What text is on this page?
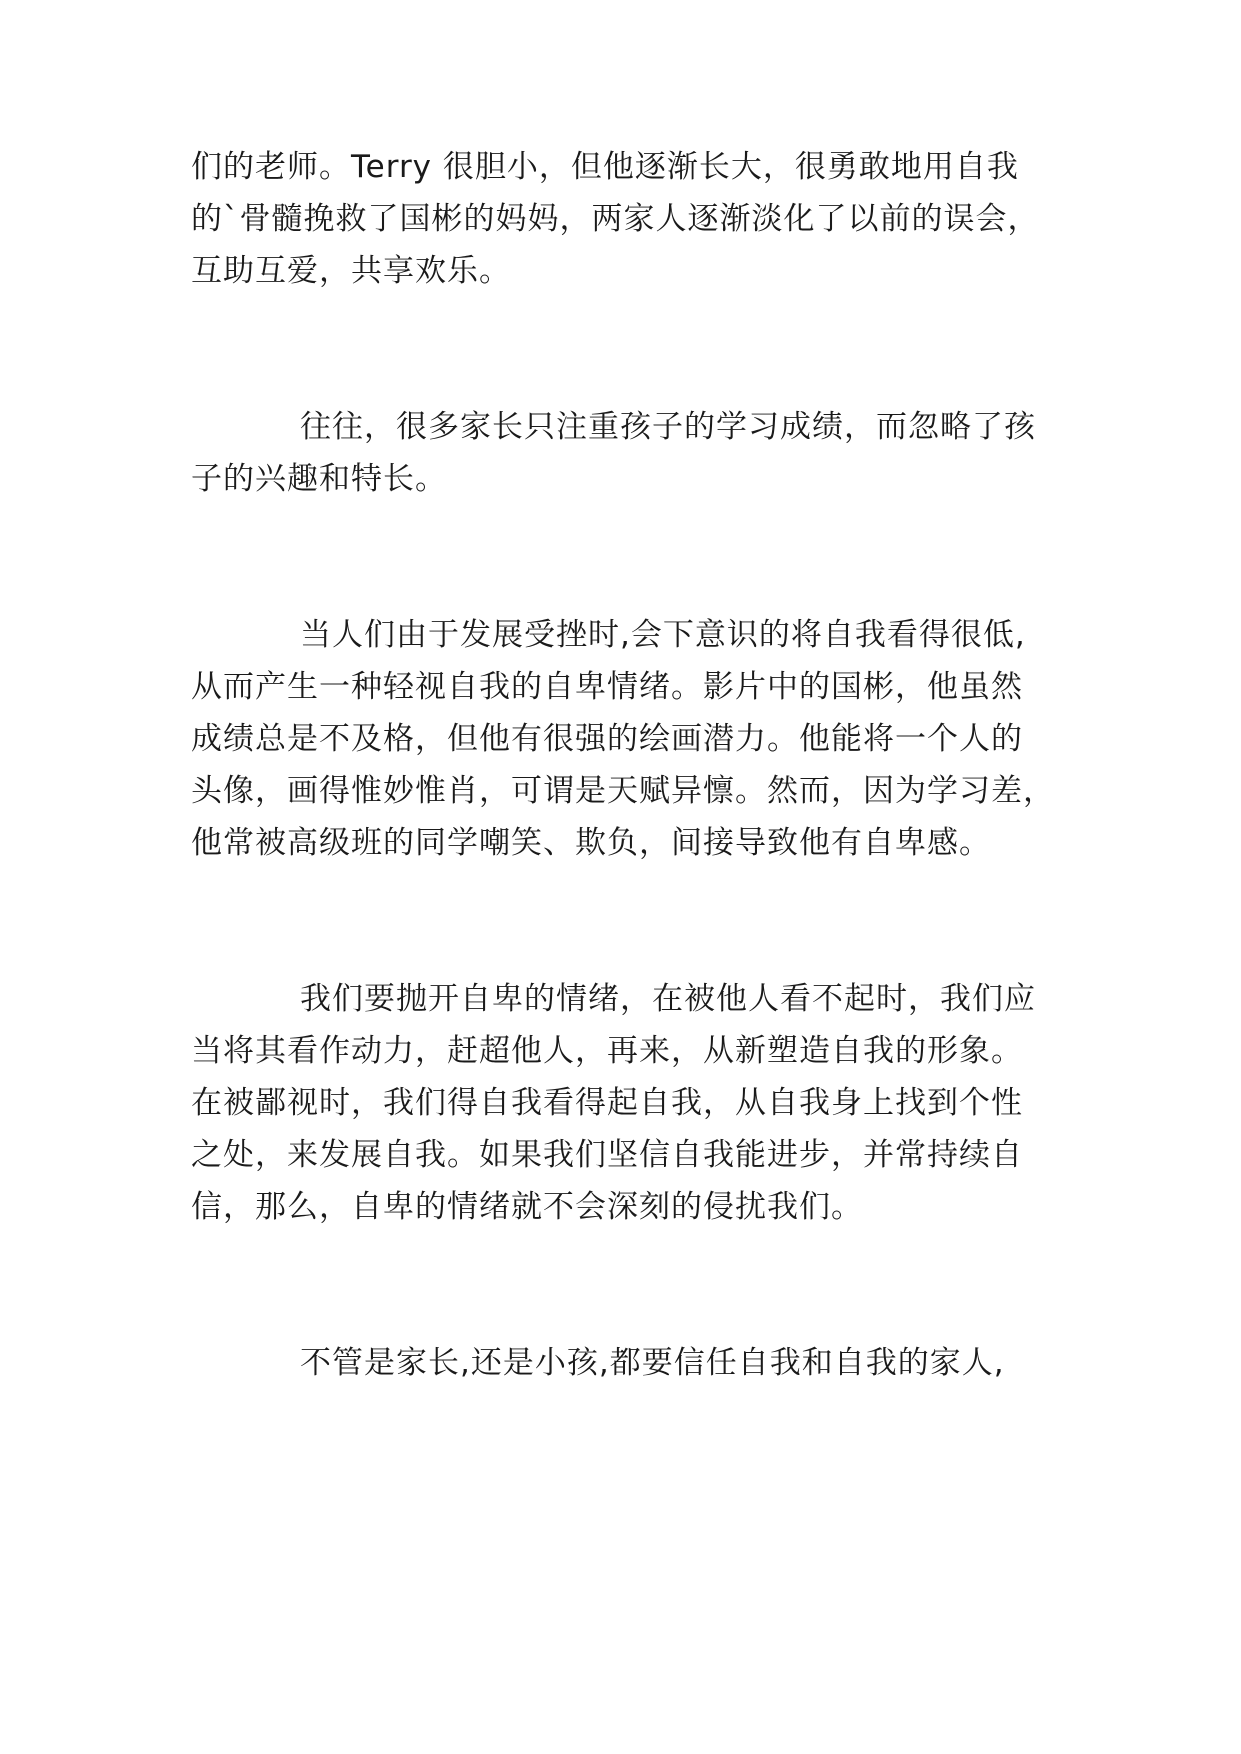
们的老师。Terry 很胆小，但他逐渐长大，很勇敢地用自我
的`骨髓挽救了国彬的妈妈，两家人逐渐淡化了以前的误会，
互助互爱，共享欢乐。
往往，很多家长只注重孩子的学习成绩，而忽略了孩
子的兴趣和特长。
当人们由于发展受挫时,会下意识的将自我看得很低,
从而产生一种轻视自我的自卑情绪。影片中的国彬，他虽然
成绩总是不及格，但他有很强的绘画潜力。他能将一个人的
头像，画得惟妙惟肖，可谓是天赋异懔。然而，因为学习差，
他常被高级班的同学嘲笑、欺负，间接导致他有自卑感。
我们要抛开自卑的情绪，在被他人看不起时，我们应
当将其看作动力，赶超他人，再来，从新塑造自我的形象。
在被鄙视时，我们得自我看得起自我，从自我身上找到个性
之处，来发展自我。如果我们坚信自我能进步，并常持续自
信，那么，自卑的情绪就不会深刻的侵扰我们。
不管是家长,还是小孩,都要信任自我和自我的家人,
